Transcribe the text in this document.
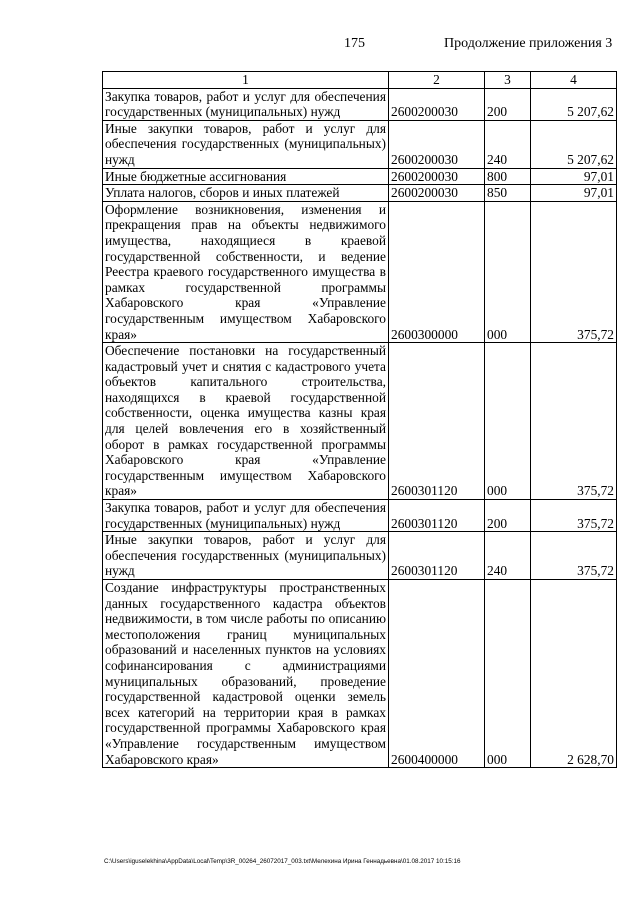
175	Продолжение приложения 3
1	2	3	4
Закупка товаров, работ и услуг для обеспечения государственных (муниципальных) нужд	2600200030	200	5 207,62
Иные закупки товаров, работ и услуг для обеспечения государственных (муниципальных) нужд	2600200030	240	5 207,62
Иные бюджетные ассигнования	2600200030	800	97,01
Уплата налогов, сборов и иных платежей	2600200030	850	97,01
Оформление возникновения, изменения и прекращения прав на объекты недвижимого имущества, находящиеся в краевой государственной собственности, и ведение Реестра краевого государственного имущества в рамках государственной программы Хабаровского края «Управление государственным имуществом Хабаровского края»	2600300000	000	375,72
Обеспечение постановки на государственный кадастровый учет и снятия с кадастрового учета объектов капитального строительства, находящихся в краевой государственной собственности, оценка имущества казны края для целей вовлечения его в хозяйственный оборот в рамках государственной программы Хабаровского края «Управление государственным имуществом Хабаровского края»	2600301120	000	375,72
Закупка товаров, работ и услуг для обеспечения государственных (муниципальных) нужд	2600301120	200	375,72
Иные закупки товаров, работ и услуг для обеспечения государственных (муниципальных) нужд	2600301120	240	375,72
Создание инфраструктуры пространственных данных государственного кадастра объектов недвижимости, в том числе работы по описанию местоположения границ муниципальных образований и населенных пунктов на условиях софинансирования с администрациями муниципальных образований, проведение государственной кадастровой оценки земель всех категорий на территории края в рамках государственной программы Хабаровского края «Управление государственным имуществом Хабаровского края»	2600400000	000	2 628,70
C:\Users\iguselekhina\AppData\Local\Temp\3R_00264_26072017_003.txt\Мелехина Ирина Геннадьевна\01.08.2017 10:15:16
